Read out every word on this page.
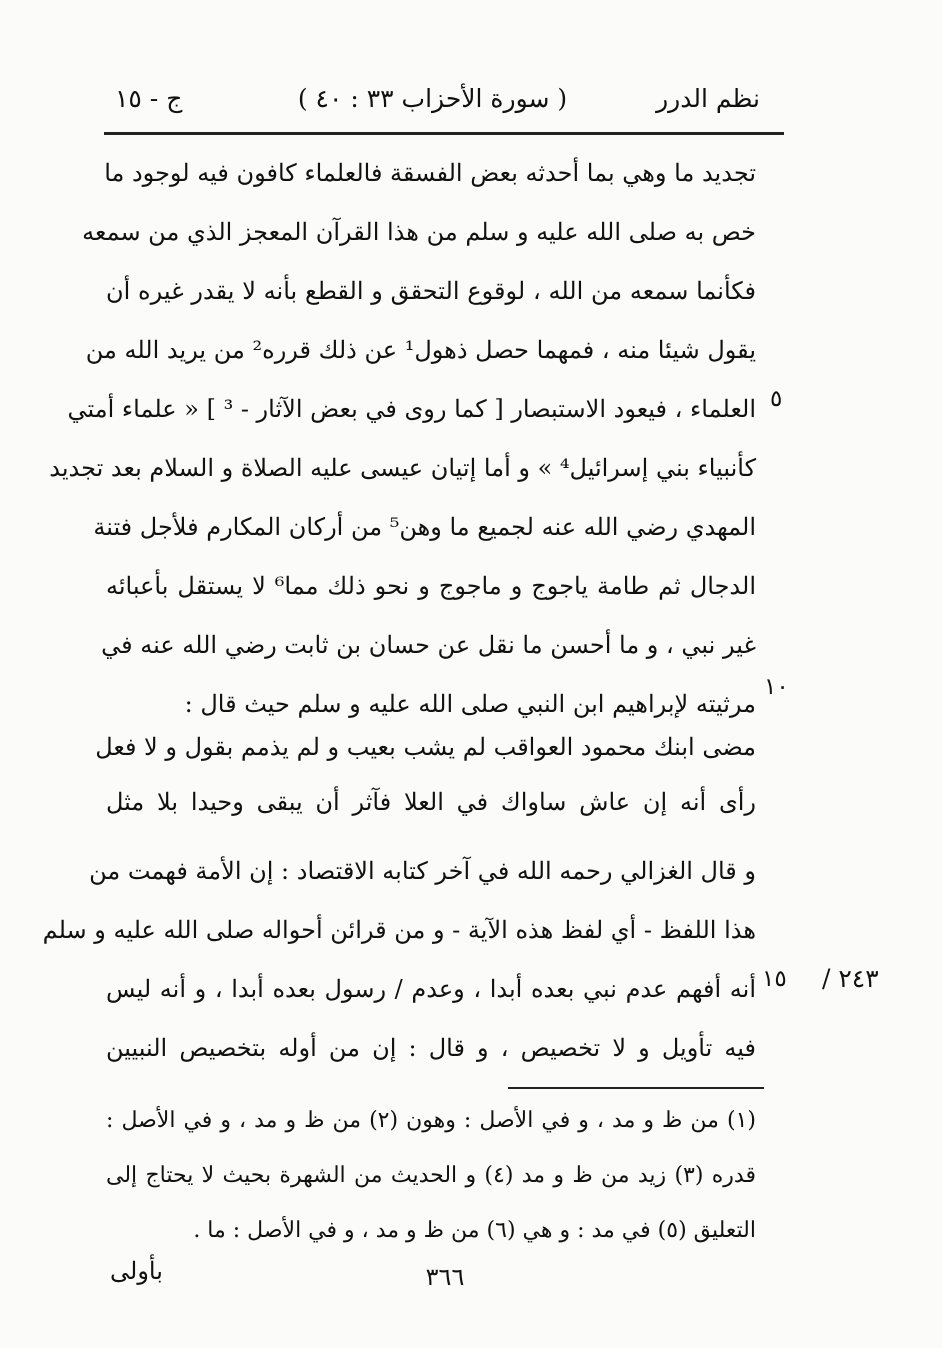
نظم الدرر
( سورة الأحزاب ٣٣ : ٤٠ )
ج - ١٥
تجديد ما وهي بما أحدثه بعض الفسقة فالعلماء كافون فيه لوجود ما
خص به صلى الله عليه و سلم من هذا القرآن المعجز الذي من سمعه
فكأنما سمعه من الله ، لوقوع التحقق و القطع بأنه لا يقدر غيره أن
يقول شيئا منه ، فمهما حصل ذهول¹ عن ذلك قرره² من يريد الله من
العلماء ، فيعود الاستبصار [ كما روى في بعض الآثار - ³ ] « علماء أمتي
كأنبياء بني إسرائيل⁴ » و أما إتيان عيسى عليه الصلاة و السلام بعد تجديد
المهدي رضي الله عنه لجميع ما وهن⁵ من أركان المكارم فلأجل فتنة
الدجال ثم طامة ياجوج و ماجوج و نحو ذلك مما⁶ لا يستقل بأعبائه
غير نبي ، و ما أحسن ما نقل عن حسان بن ثابت رضي الله عنه في
مرثيته لإبراهيم ابن النبي صلى الله عليه و سلم حيث قال :
مضى ابنك محمود العواقب لم يشب بعيب و لم يذمم بقول و لا فعل
رأى أنه إن عاش ساواك في العلا فآثر أن يبقى وحيدا بلا مثل
و قال الغزالي رحمه الله في آخر كتابه الاقتصاد : إن الأمة فهمت من
هذا اللفظ - أي لفظ هذه الآية - و من قرائن أحواله صلى الله عليه و سلم
أنه أفهم عدم نبي بعده أبدا ، وعدم / رسول بعده أبدا ، و أنه ليس
فيه تأويل و لا تخصيص ، و قال : إن من أوله بتخصيص النبيين
٥
١٠
١٥ ٢٤٣ /
(١) من ظ و مد ، و في الأصل : وهون (٢) من ظ و مد ، و في الأصل :
قدره (٣) زيد من ظ و مد (٤) و الحديث من الشهرة بحيث لا يحتاج إلى
التعليق (٥) في مد : و هي (٦) من ظ و مد ، و في الأصل : ما .
٣٦٦
بأولى
